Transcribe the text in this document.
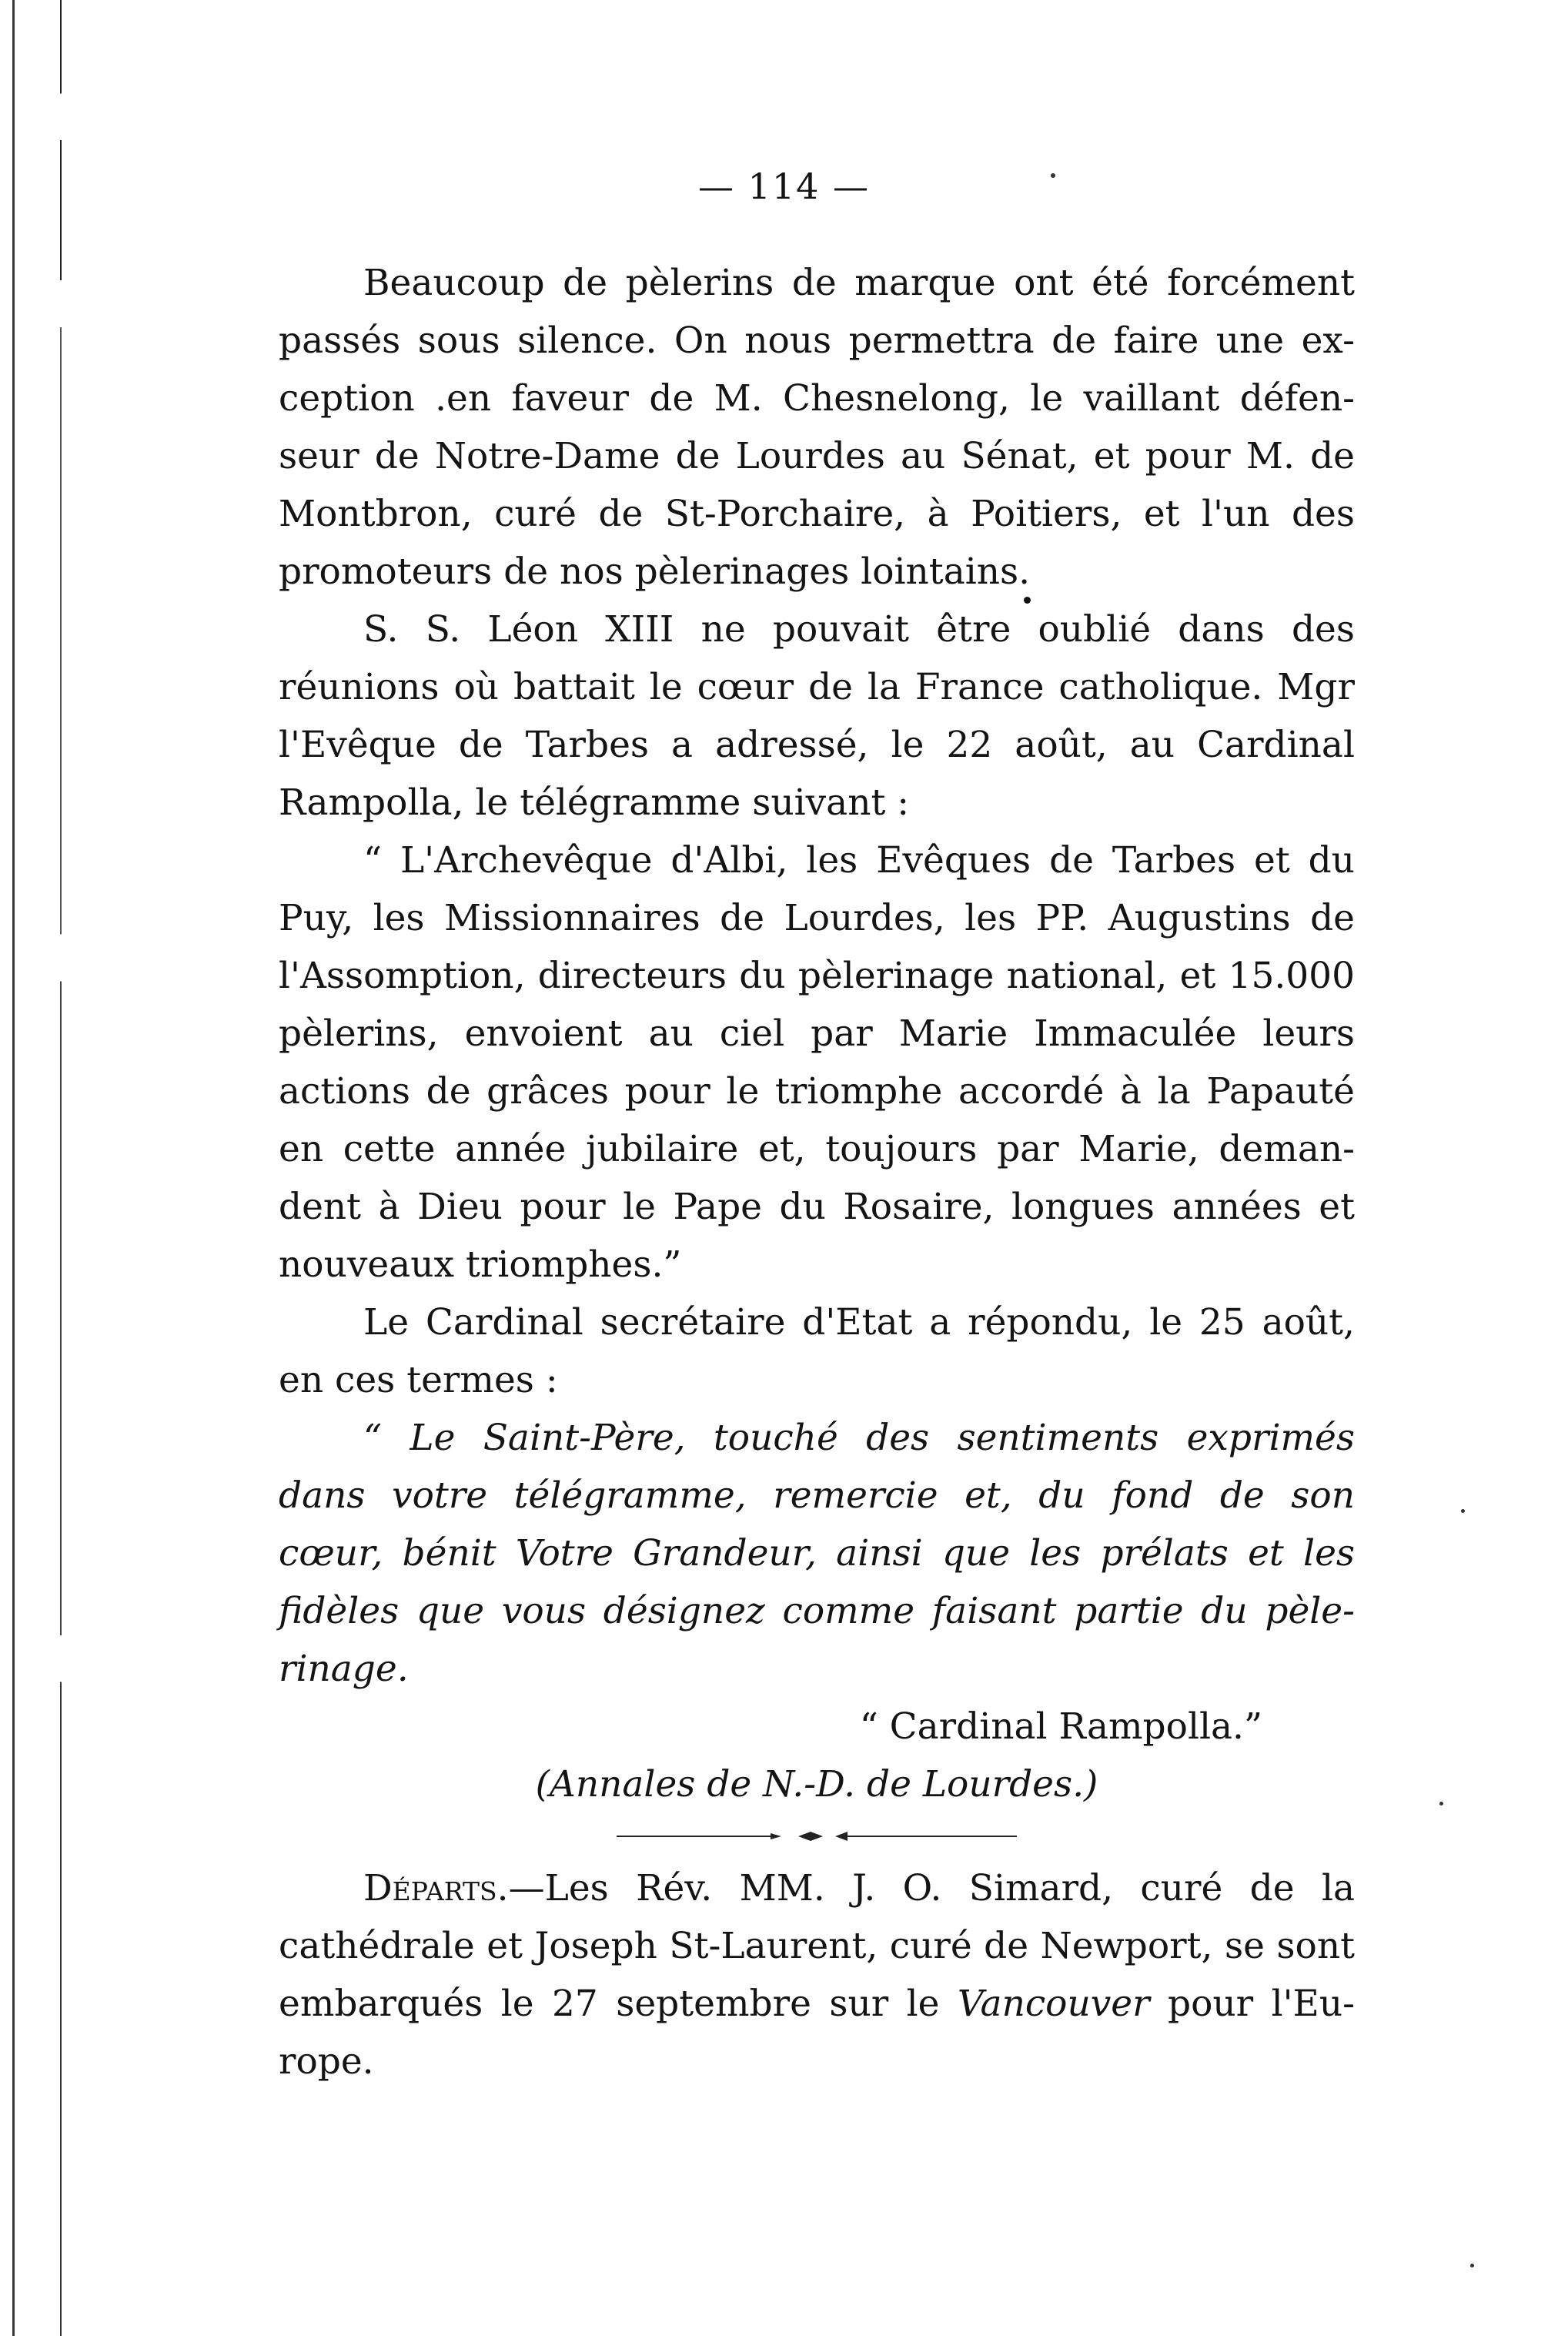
— 114 —
Beaucoup de pèlerins de marque ont été forcément
passés sous silence. On nous permettra de faire une ex-
ception .en faveur de M. Chesnelong, le vaillant défen-
seur de Notre-Dame de Lourdes au Sénat, et pour M. de
Montbron, curé de St-Porchaire, à Poitiers, et l'un des
promoteurs de nos pèlerinages lointains.
S. S. Léon XIII ne pouvait être oublié dans des
réunions où battait le cœur de la France catholique. Mgr
l'Evêque de Tarbes a adressé, le 22 août, au Cardinal
Rampolla, le télégramme suivant :
“ L'Archevêque d'Albi, les Evêques de Tarbes et du
Puy, les Missionnaires de Lourdes, les PP. Augustins de
l'Assomption, directeurs du pèlerinage national, et 15.000
pèlerins, envoient au ciel par Marie Immaculée leurs
actions de grâces pour le triomphe accordé à la Papauté
en cette année jubilaire et, toujours par Marie, deman-
dent à Dieu pour le Pape du Rosaire, longues années et
nouveaux triomphes.”
Le Cardinal secrétaire d'Etat a répondu, le 25 août,
en ces termes :
“ Le Saint-Père, touché des sentiments exprimés
dans votre télégramme, remercie et, du fond de son
cœur, bénit Votre Grandeur, ainsi que les prélats et les
fidèles que vous désignez comme faisant partie du pèle-
rinage.
“ Cardinal Rampolla.”
(Annales de N.-D. de Lourdes.)
Départs.—Les Rév. MM. J. O. Simard, curé de la
cathédrale et Joseph St-Laurent, curé de Newport, se sont
embarqués le 27 septembre sur le Vancouver pour l'Eu-
rope.
